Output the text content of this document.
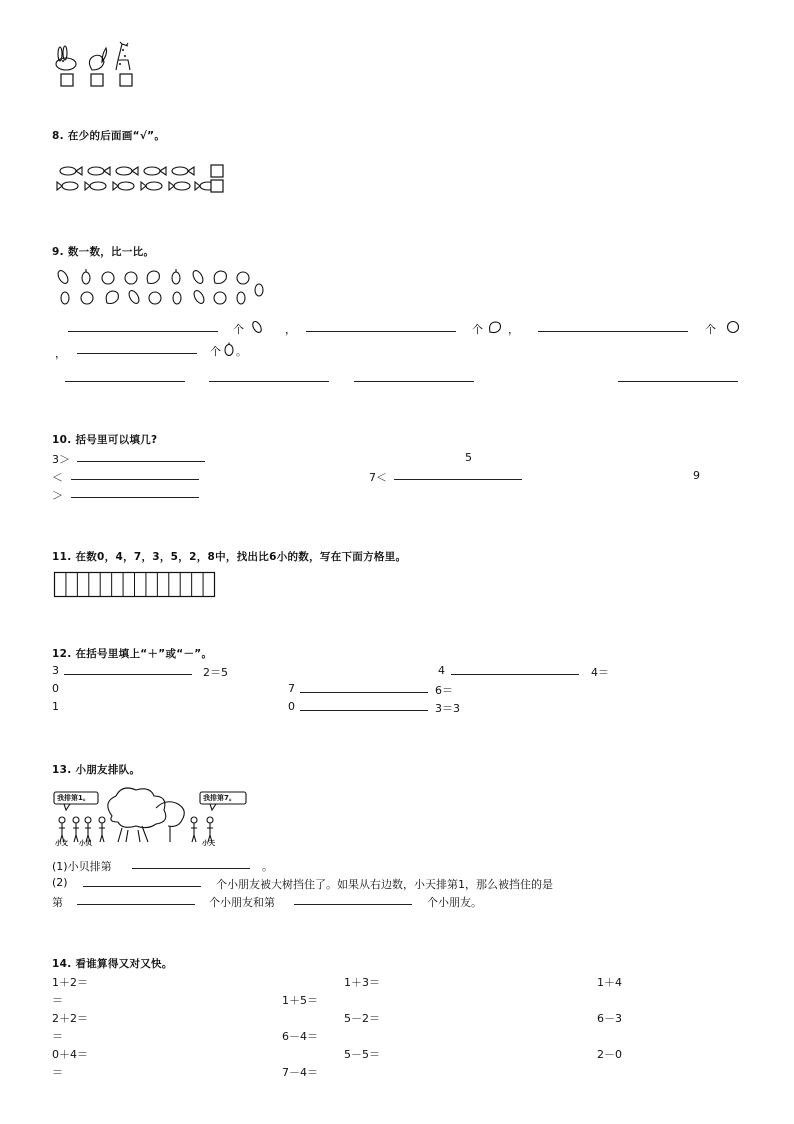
8. 在少的后面画“√”。
9. 数一数，比一比。
个	，	个 ，	个
，	个 。
10. 括号里可以填几?
3＞	5
＜	7＜	9
＞
11. 在数0，4，7，3，5，2，8中，找出比6小的数，写在下面方格里。
12. 在括号里填上“＋”或“－”。
3	2＝5	4	4＝
0	7	6＝
1	0	3＝3
13. 小朋友排队。
我排第1。	我排第7。
小文 小贝	小天
(1)小贝排第	。
(2)	个小朋友被大树挡住了。如果从右边数，小天排第1，那么被挡住的是
第	个小朋友和第	个小朋友。
14. 看谁算得又对又快。
1＋2＝	1＋3＝	1＋4
＝	1＋5＝
2＋2＝	5－2＝	6－3
＝	6－4＝
0＋4＝	5－5＝	2－0
＝	7－4＝
